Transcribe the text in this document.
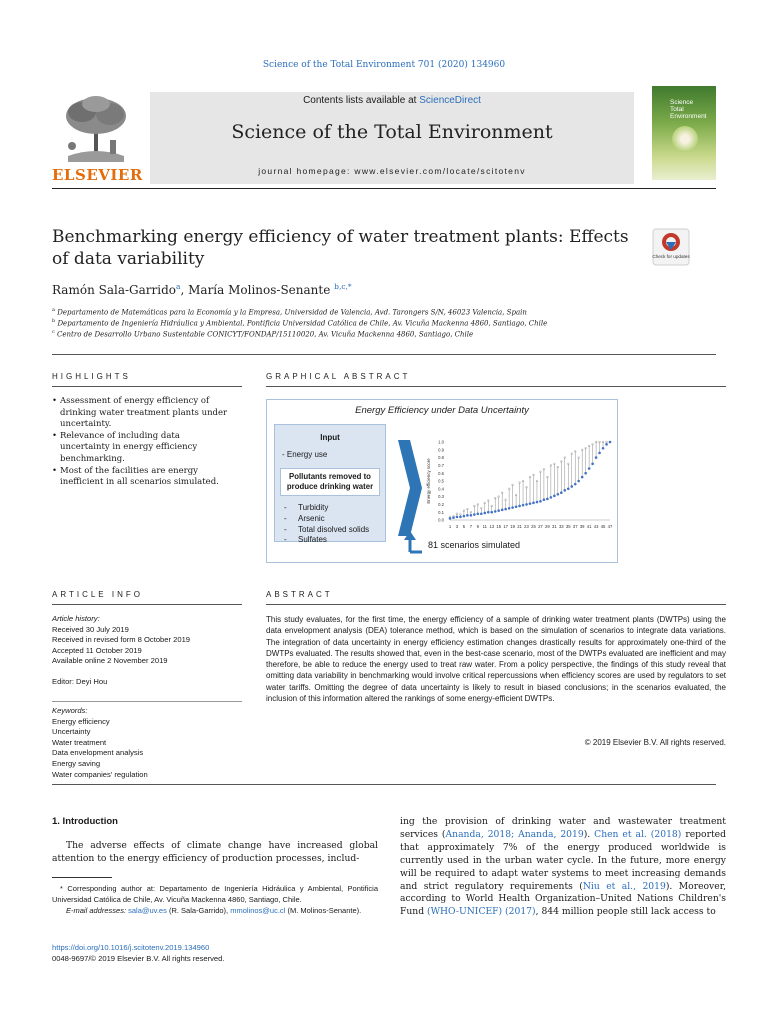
Science of the Total Environment 701 (2020) 134960
ELSEVIER
Contents lists available at ScienceDirect
Science of the Total Environment
journal homepage: www.elsevier.com/locate/scitotenv
Science
Total Environment
Benchmarking energy efficiency of water treatment plants: Effects of data variability	Check for updates
Ramón Sala-Garrido$^a$, María Molinos-Senante $^{b,c,*}$
$^a$ Departamento de Matemáticas para la Economía y la Empresa, Universidad de Valencia, Avd. Tarongers S/N, 46023 Valencia, Spain
$^b$ Departamento de Ingeniería Hidráulica y Ambiental, Pontificia Universidad Católica de Chile, Av. Vicuña Mackenna 4860, Santiago, Chile
$^c$ Centro de Desarrollo Urbano Sustentable CONICYT/FONDAP/15110020, Av. Vicuña Mackenna 4860, Santiago, Chile
HIGHLIGHTS
• Assessment of energy efficiency of drinking water treatment plants under uncertainty.
• Relevance of including data uncertainty in energy efficiency benchmarking.
• Most of the facilities are energy inefficient in all scenarios simulated.
GRAPHICAL ABSTRACT
Energy Efficiency under Data Uncertainty
Input
- Energy use
Pollutants removed to produce drinking water
- Turbidity
- Arsenic
- Total disolved solids
- Sulfates
0.0
0.1
0.2
0.3
0.4
0.5
0.6
0.7
0.8
0.9
1.0
Energy efficiency score
1 3 5 7 9 11 13 15 17 19 21 23 25 27 29 31 33 35 37 39 41 43 45 47
81 scenarios simulated
ARTICLE INFO
Article history:
Received 30 July 2019
Received in revised form 8 October 2019
Accepted 11 October 2019
Available online 2 November 2019
Editor: Deyi Hou
Keywords:
Energy efficiency
Uncertainty
Water treatment
Data envelopment analysis
Energy saving
Water companies' regulation
ABSTRACT
This study evaluates, for the first time, the energy efficiency of a sample of drinking water treatment plants (DWTPs) using the data envelopment analysis (DEA) tolerance method, which is based on the simulation of scenarios to integrate data variations. The integration of data uncertainty in energy efficiency estimation changes drastically results for approximately one-third of the DWTPs evaluated. The results showed that, even in the best-case scenario, most of the DWTPs evaluated are inefficient and may therefore, be able to reduce the energy used to treat raw water. From a policy perspective, the findings of this study reveal that omitting data variability in benchmarking would involve critical repercussions when efficiency scores are used by regulators to set water tariffs. Omitting the degree of data uncertainty is likely to result in biased conclusions; in the scenarios evaluated, the inclusion of this information altered the rankings of some energy-efficient DWTPs.
© 2019 Elsevier B.V. All rights reserved.
1. Introduction
The adverse effects of climate change have increased global attention to the energy efficiency of production processes, includ-
ing the provision of drinking water and wastewater treatment services (Ananda, 2018; Ananda, 2019). Chen et al. (2018) reported that approximately 7% of the energy produced worldwide is currently used in the urban water cycle. In the future, more energy will be required to adapt water systems to meet increasing demands and strict regulatory requirements (Niu et al., 2019). Moreover, according to World Health Organization–United Nations Children's Fund (WHO-UNICEF) (2017), 844 million people still lack access to
* Corresponding author at: Departamento de Ingeniería Hidráulica y Ambiental, Pontificia Universidad Católica de Chile, Av. Vicuña Mackenna 4860, Santiago, Chile.
E-mail addresses: sala@uv.es (R. Sala-Garrido), mmolinos@uc.cl (M. Molinos-Senante).
https://doi.org/10.1016/j.scitotenv.2019.134960
0048-9697/© 2019 Elsevier B.V. All rights reserved.
